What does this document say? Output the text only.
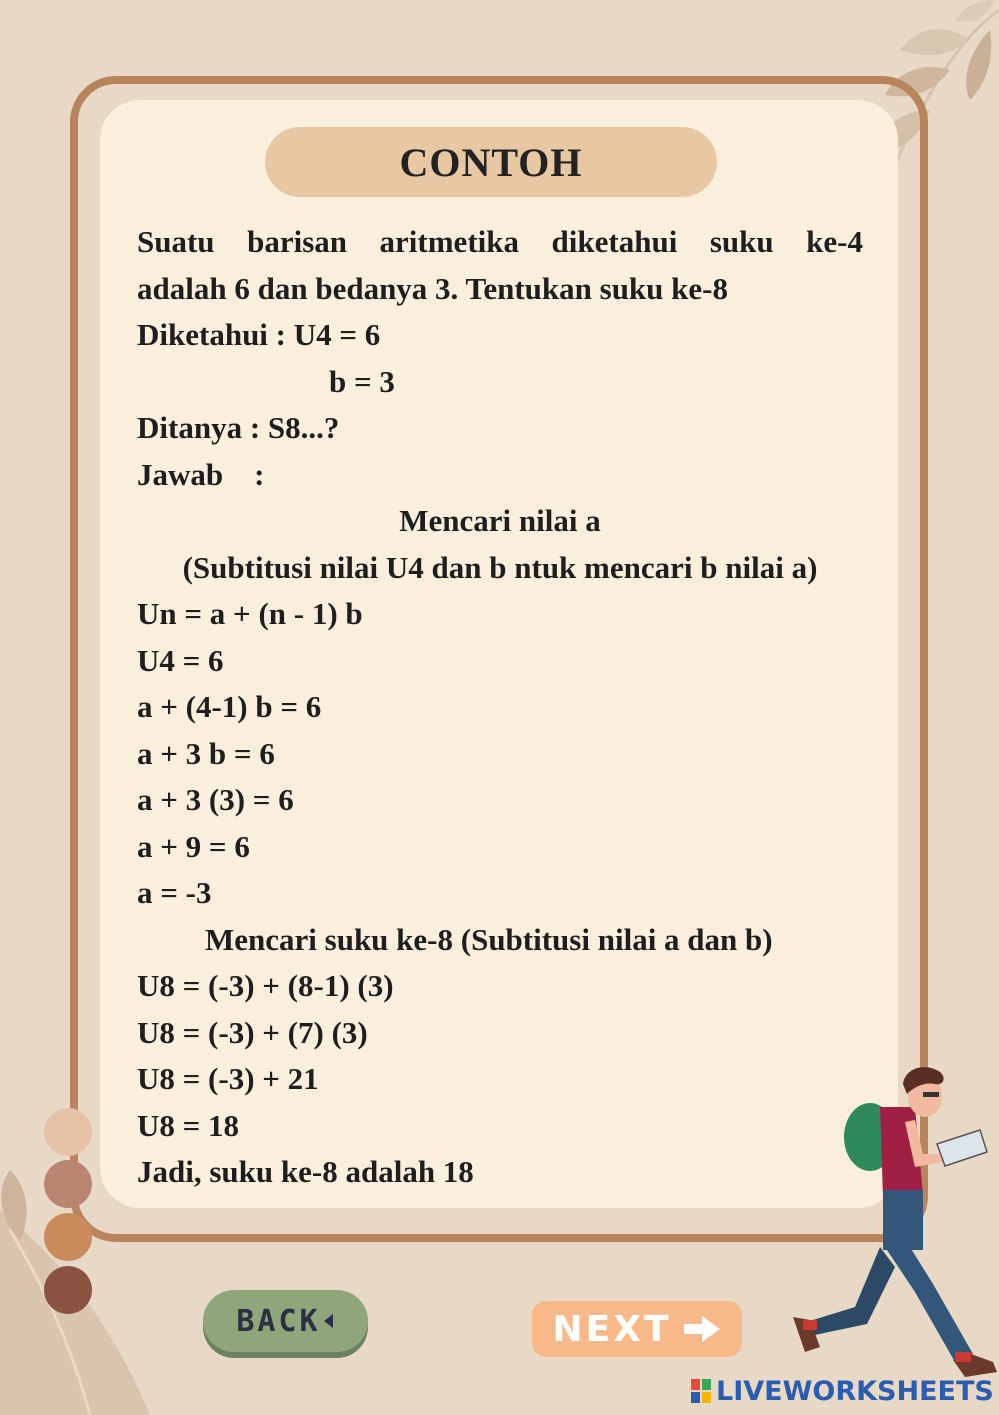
CONTOH
Suatu barisan aritmetika diketahui suku ke-4
adalah 6 dan bedanya 3. Tentukan suku ke-8
Diketahui : U4 = 6
b = 3
Ditanya : S8...?
Jawab    :
Mencari nilai a
(Subtitusi nilai U4 dan b ntuk mencari b nilai a)
Un = a + (n - 1) b
U4 = 6
a + (4-1) b = 6
a + 3 b = 6
a + 3 (3) = 6
a + 9 = 6
a = -3
Mencari suku ke-8 (Subtitusi nilai a dan b)
U8 = (-3) + (8-1) (3)
U8 = (-3) + (7) (3)
U8 = (-3) + 21
U8 = 18
Jadi, suku ke-8 adalah 18
BACK	NEXT
LIVEWORKSHEETS
